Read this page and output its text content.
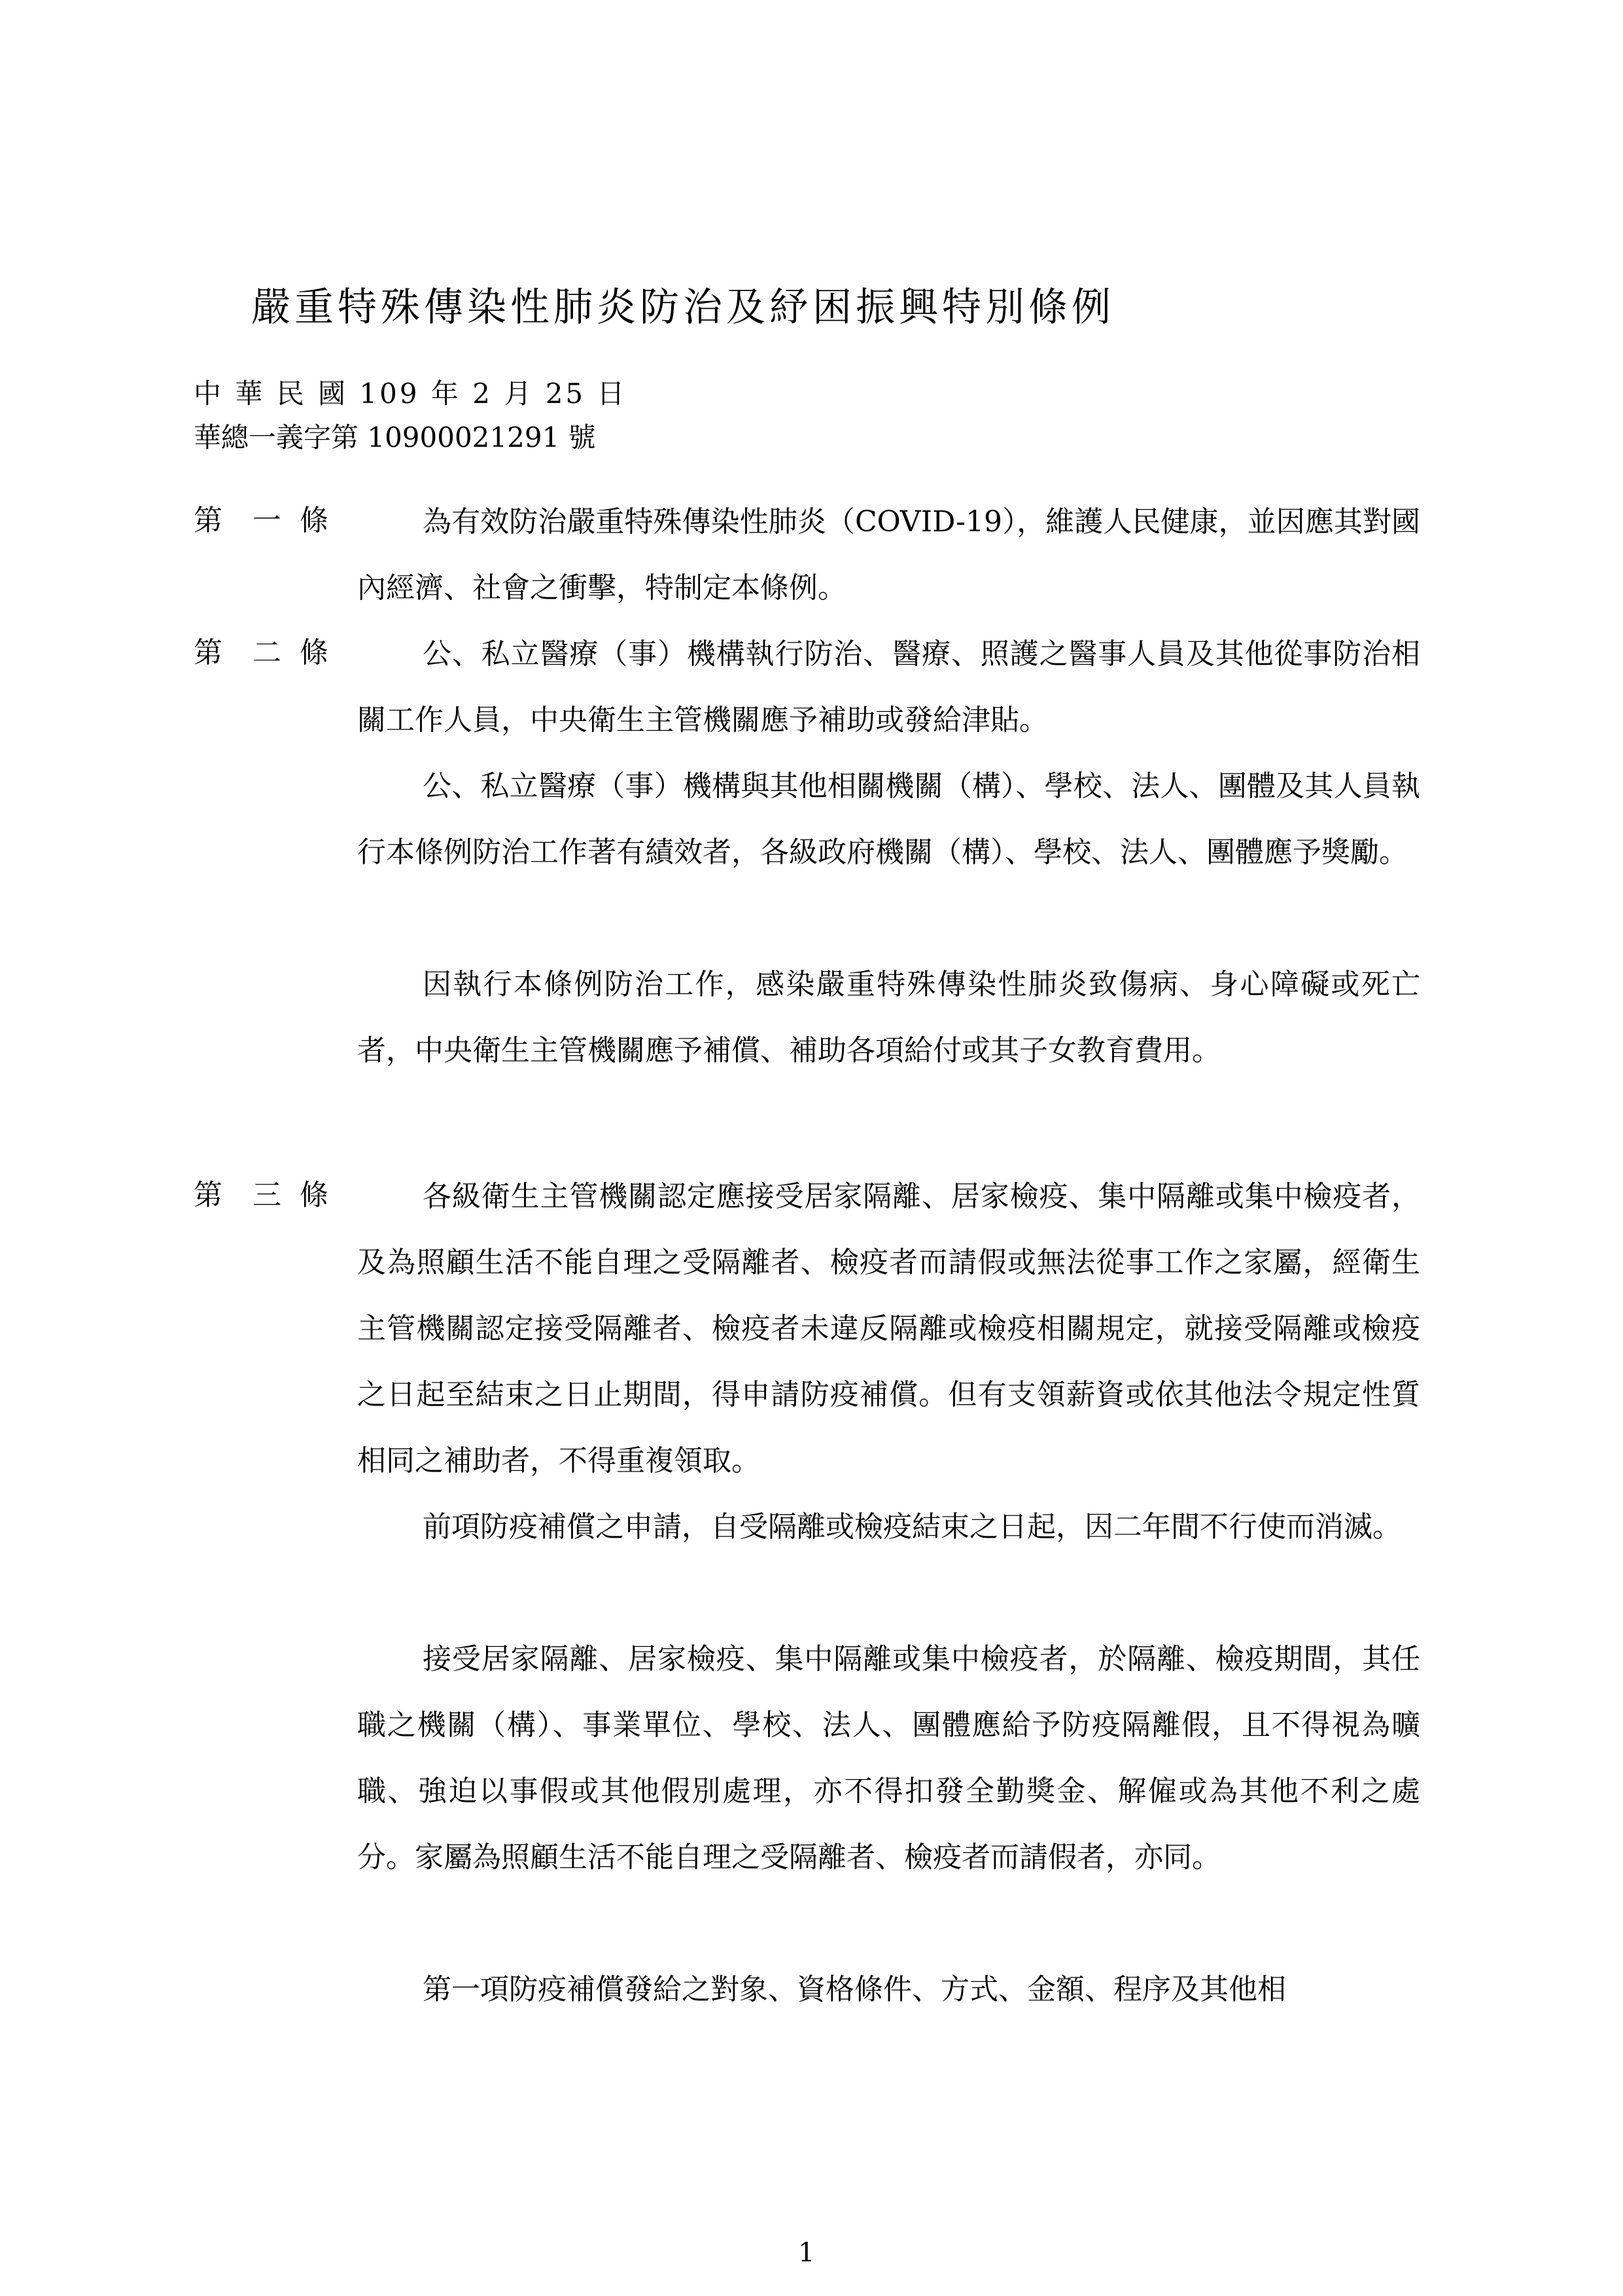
嚴重特殊傳染性肺炎防治及紓困振興特別條例
中 華 民 國 109 年 2 月 25 日
華總一義字第 10900021291 號
第 一 條	為有效防治嚴重特殊傳染性肺炎（COVID-19），維護人民健康，並因應其對國內經濟、社會之衝擊，特制定本條例。

第 二 條	公、私立醫療（事）機構執行防治、醫療、照護之醫事人員及其他從事防治相關工作人員，中央衛生主管機關應予補助或發給津貼。

公、私立醫療（事）機構與其他相關機關（構）、學校、法人、團體及其人員執行本條例防治工作著有績效者，各級政府機關（構）、學校、法人、團體應予獎勵。

因執行本條例防治工作，感染嚴重特殊傳染性肺炎致傷病、身心障礙或死亡者，中央衛生主管機關應予補償、補助各項給付或其子女教育費用。

第 三 條	各級衛生主管機關認定應接受居家隔離、居家檢疫、集中隔離或集中檢疫者，及為照顧生活不能自理之受隔離者、檢疫者而請假或無法從事工作之家屬，經衛生主管機關認定接受隔離者、檢疫者未違反隔離或檢疫相關規定，就接受隔離或檢疫之日起至結束之日止期間，得申請防疫補償。但有支領薪資或依其他法令規定性質相同之補助者，不得重複領取。

前項防疫補償之申請，自受隔離或檢疫結束之日起，因二年間不行使而消滅。

接受居家隔離、居家檢疫、集中隔離或集中檢疫者，於隔離、檢疫期間，其任職之機關（構）、事業單位、學校、法人、團體應給予防疫隔離假，且不得視為曠職、強迫以事假或其他假別處理，亦不得扣發全勤獎金、解僱或為其他不利之處分。家屬為照顧生活不能自理之受隔離者、檢疫者而請假者，亦同。

第一項防疫補償發給之對象、資格條件、方式、金額、程序及其他相

1
